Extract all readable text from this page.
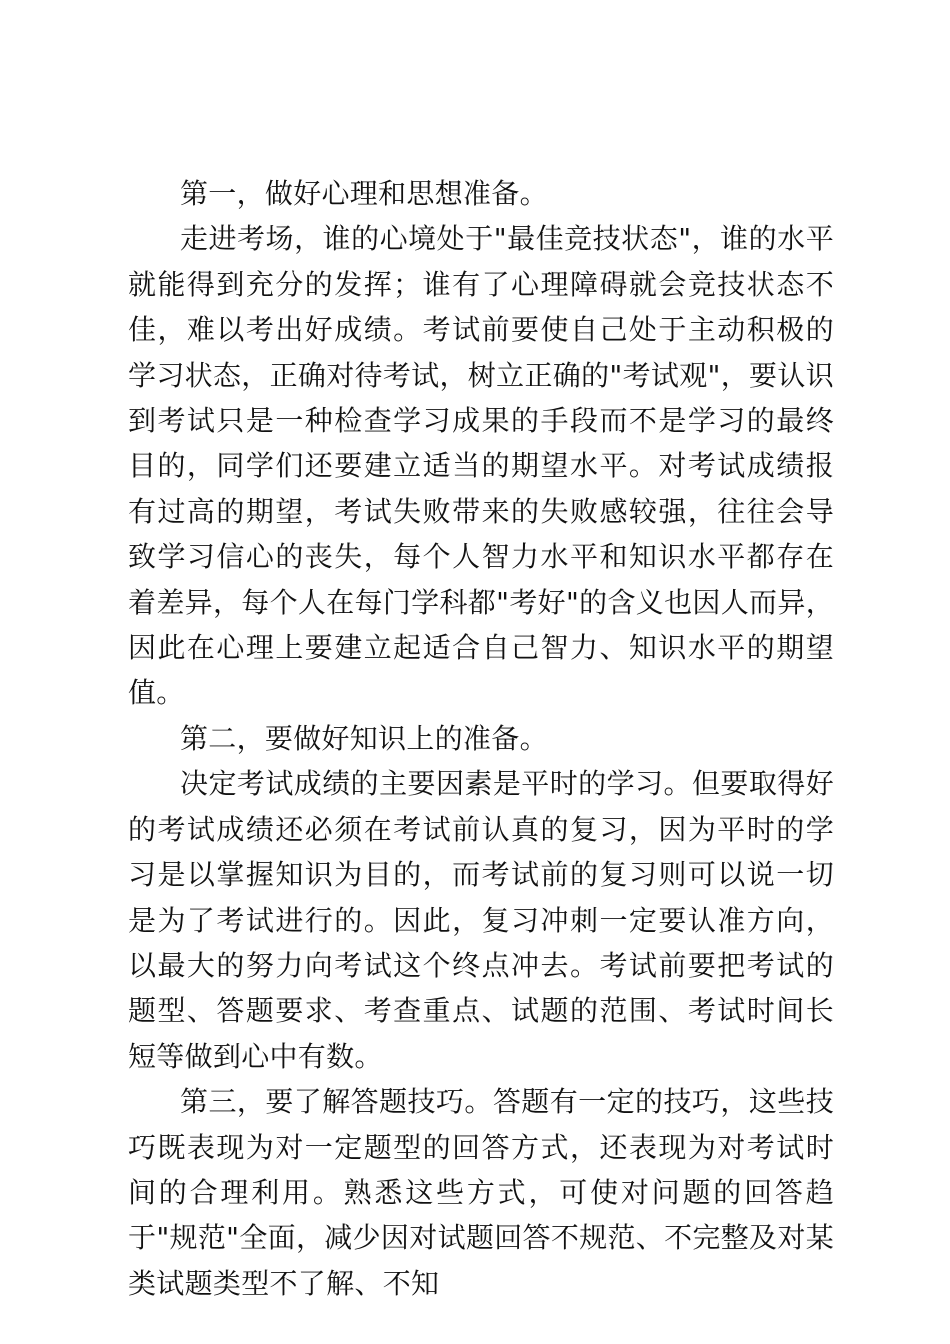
第一，做好心理和思想准备。

走进考场，谁的心境处于"最佳竞技状态"，谁的水平就能得到充分的发挥；谁有了心理障碍就会竞技状态不佳，难以考出好成绩。考试前要使自己处于主动积极的学习状态，正确对待考试，树立正确的"考试观"，要认识到考试只是一种检查学习成果的手段而不是学习的最终目的，同学们还要建立适当的期望水平。对考试成绩报有过高的期望，考试失败带来的失败感较强，往往会导致学习信心的丧失，每个人智力水平和知识水平都存在着差异，每个人在每门学科都"考好"的含义也因人而异，因此在心理上要建立起适合自己智力、知识水平的期望值。

第二，要做好知识上的准备。

决定考试成绩的主要因素是平时的学习。但要取得好的考试成绩还必须在考试前认真的复习，因为平时的学习是以掌握知识为目的，而考试前的复习则可以说一切是为了考试进行的。因此，复习冲刺一定要认准方向，以最大的努力向考试这个终点冲去。考试前要把考试的题型、答题要求、考查重点、试题的范围、考试时间长短等做到心中有数。

第三，要了解答题技巧。答题有一定的技巧，这些技巧既表现为对一定题型的回答方式，还表现为对考试时间的合理利用。熟悉这些方式，可使对问题的回答趋于"规范"全面，减少因对试题回答不规范、不完整及对某类试题类型不了解、不知
